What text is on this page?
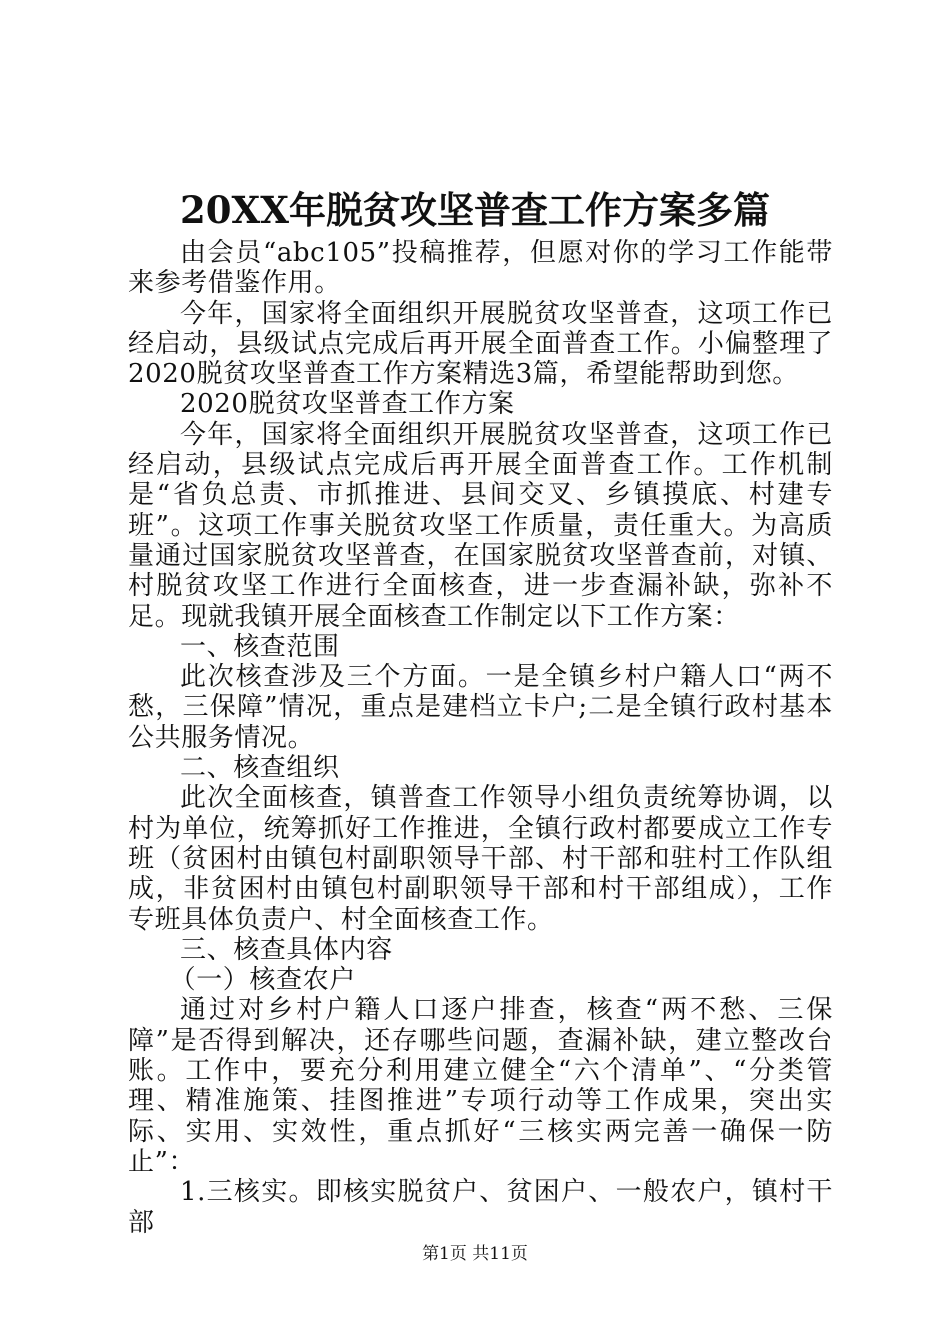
20XX年脱贫攻坚普查工作方案多篇

由会员“abc105”投稿推荐，但愿对你的学习工作能带来参考借鉴作用。

今年，国家将全面组织开展脱贫攻坚普查，这项工作已经启动，县级试点完成后再开展全面普查工作。小偏整理了2020脱贫攻坚普查工作方案精选3篇，希望能帮助到您。

2020脱贫攻坚普查工作方案

今年，国家将全面组织开展脱贫攻坚普查，这项工作已经启动，县级试点完成后再开展全面普查工作。工作机制是“省负总责、市抓推进、县间交叉、乡镇摸底、村建专班”。这项工作事关脱贫攻坚工作质量，责任重大。为高质量通过国家脱贫攻坚普查，在国家脱贫攻坚普查前，对镇、村脱贫攻坚工作进行全面核查，进一步查漏补缺，弥补不足。现就我镇开展全面核查工作制定以下工作方案：

一、核查范围

此次核查涉及三个方面。一是全镇乡村户籍人口“两不愁，三保障”情况，重点是建档立卡户;二是全镇行政村基本公共服务情况。

二、核查组织

此次全面核查，镇普查工作领导小组负责统筹协调，以村为单位，统筹抓好工作推进，全镇行政村都要成立工作专班（贫困村由镇包村副职领导干部、村干部和驻村工作队组成，非贫困村由镇包村副职领导干部和村干部组成），工作专班具体负责户、村全面核查工作。

三、核查具体内容

（一）核查农户

通过对乡村户籍人口逐户排查，核查“两不愁、三保障”是否得到解决，还存哪些问题，查漏补缺，建立整改台账。工作中，要充分利用建立健全“六个清单”、“分类管理、精准施策、挂图推进”专项行动等工作成果，突出实际、实用、实效性，重点抓好“三核实两完善一确保一防止”：

1.三核实。即核实脱贫户、贫困户、一般农户，镇村干部

第1页 共11页
